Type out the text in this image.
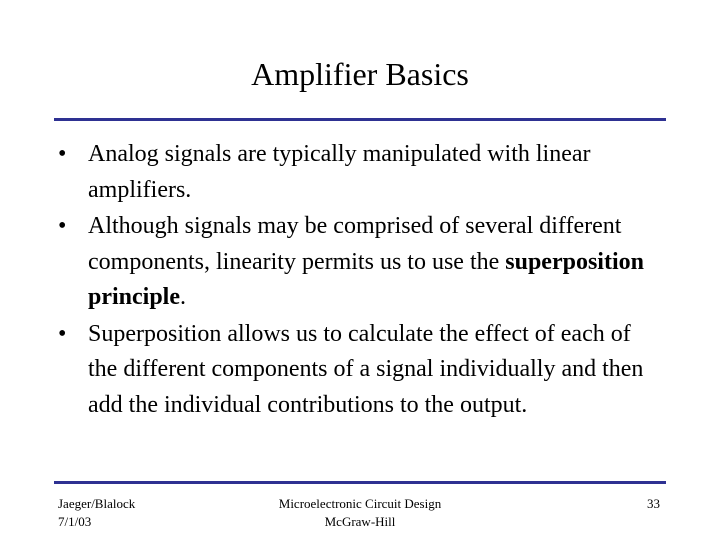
Amplifier Basics
• Analog signals are typically manipulated with linear amplifiers.
• Although signals may be comprised of several different components, linearity permits us to use the superposition principle.
• Superposition allows us to calculate the effect of each of the different components of a signal individually and then add the individual contributions to the output.
Jaeger/Blalock
7/1/03
Microelectronic Circuit Design
McGraw-Hill
33
